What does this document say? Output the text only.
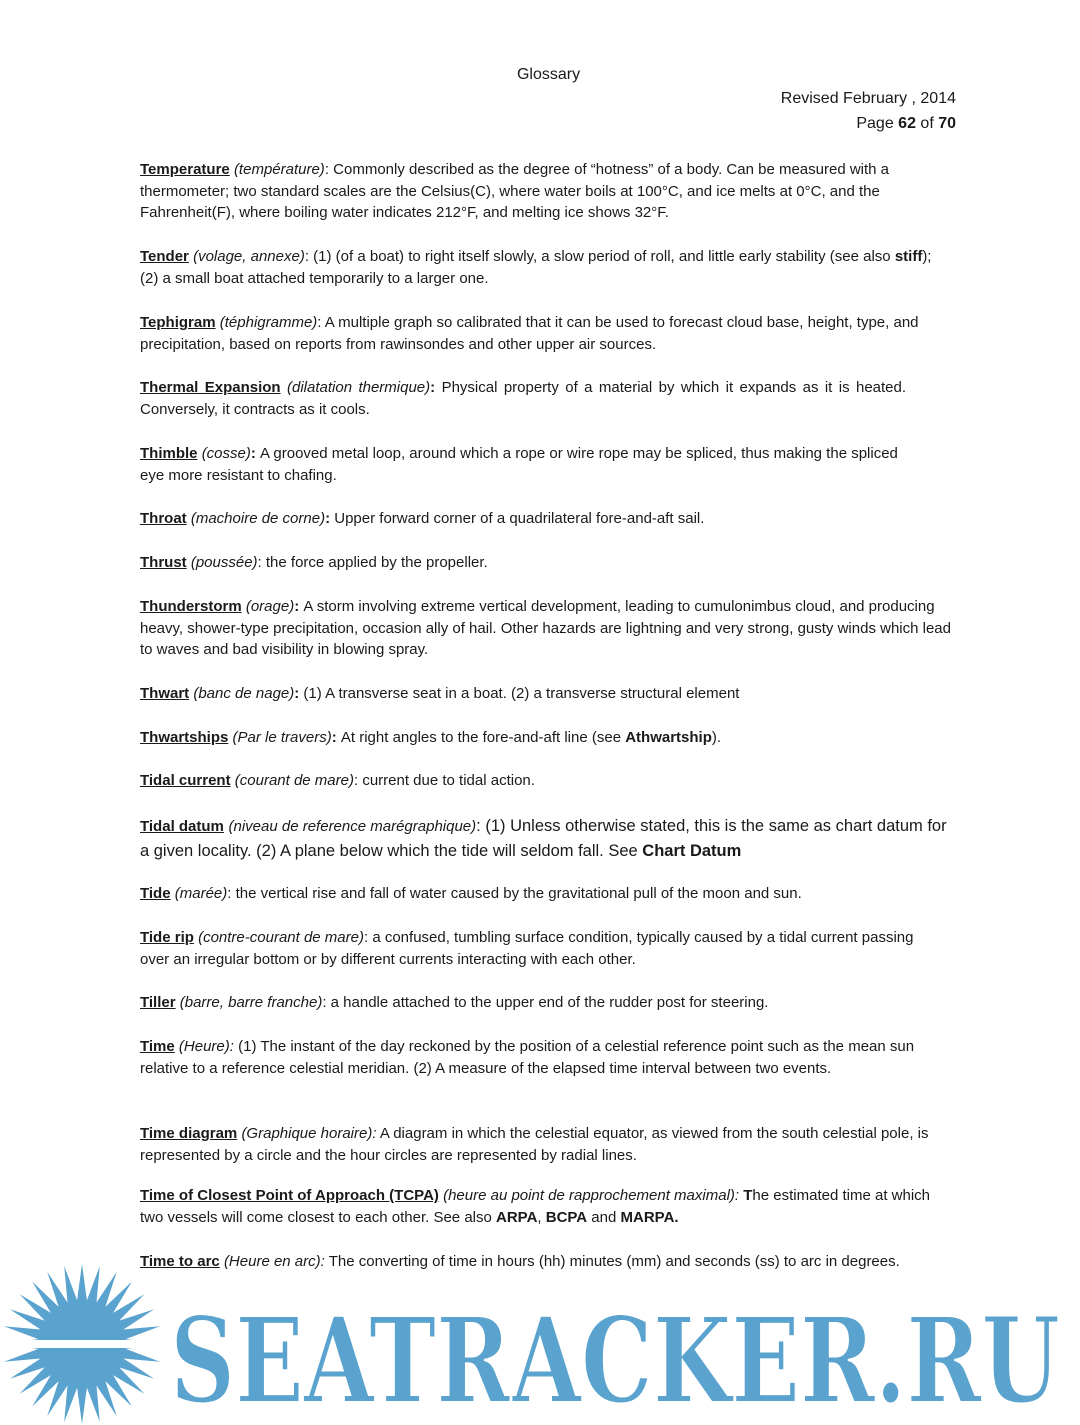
Glossary
Revised February , 2014
Page 62 of 70

Temperature (température): Commonly described as the degree of “hotness” of a body. Can be measured with a thermometer; two standard scales are the Celsius(C), where water boils at 100°C, and ice melts at 0°C, and the Fahrenheit(F), where boiling water indicates 212°F, and melting ice shows 32°F.

Tender (volage, annexe): (1) (of a boat) to right itself slowly, a slow period of roll, and little early stability (see also stiff); (2) a small boat attached temporarily to a larger one.

Tephigram (téphigramme): A multiple graph so calibrated that it can be used to forecast cloud base, height, type, and precipitation, based on reports from rawinsondes and other upper air sources.

Thermal Expansion (dilatation thermique): Physical property of a material by which it expands as it is heated. Conversely, it contracts as it cools.

Thimble (cosse): A grooved metal loop, around which a rope or wire rope may be spliced, thus making the spliced eye more resistant to chafing.

Throat (machoire de corne): Upper forward corner of a quadrilateral fore-and-aft sail.

Thrust (poussée): the force applied by the propeller.

Thunderstorm (orage): A storm involving extreme vertical development, leading to cumulonimbus cloud, and producing heavy, shower-type precipitation, occasion ally of hail. Other hazards are lightning and very strong, gusty winds which lead to waves and bad visibility in blowing spray.

Thwart (banc de nage): (1) A transverse seat in a boat. (2) a transverse structural element

Thwartships (Par le travers): At right angles to the fore-and-aft line (see Athwartship).

Tidal current (courant de mare): current due to tidal action.

Tidal datum (niveau de reference marégraphique): (1) Unless otherwise stated, this is the same as chart datum for a given locality. (2) A plane below which the tide will seldom fall. See Chart Datum

Tide (marée): the vertical rise and fall of water caused by the gravitational pull of the moon and sun.

Tide rip (contre-courant de mare): a confused, tumbling surface condition, typically caused by a tidal current passing over an irregular bottom or by different currents interacting with each other.

Tiller (barre, barre franche): a handle attached to the upper end of the rudder post for steering.

Time (Heure): (1) The instant of the day reckoned by the position of a celestial reference point such as the mean sun relative to a reference celestial meridian. (2) A measure of the elapsed time interval between two events.

Time diagram (Graphique horaire): A diagram in which the celestial equator, as viewed from the south celestial pole, is represented by a circle and the hour circles are represented by radial lines.

Time of Closest Point of Approach (TCPA) (heure au point de rapprochement maximal): The estimated time at which two vessels will come closest to each other. See also ARPA, BCPA and MARPA.

Time to arc (Heure en arc): The converting of time in hours (hh) minutes (mm) and seconds (ss) to arc in degrees.

SEATRACKER.RU
